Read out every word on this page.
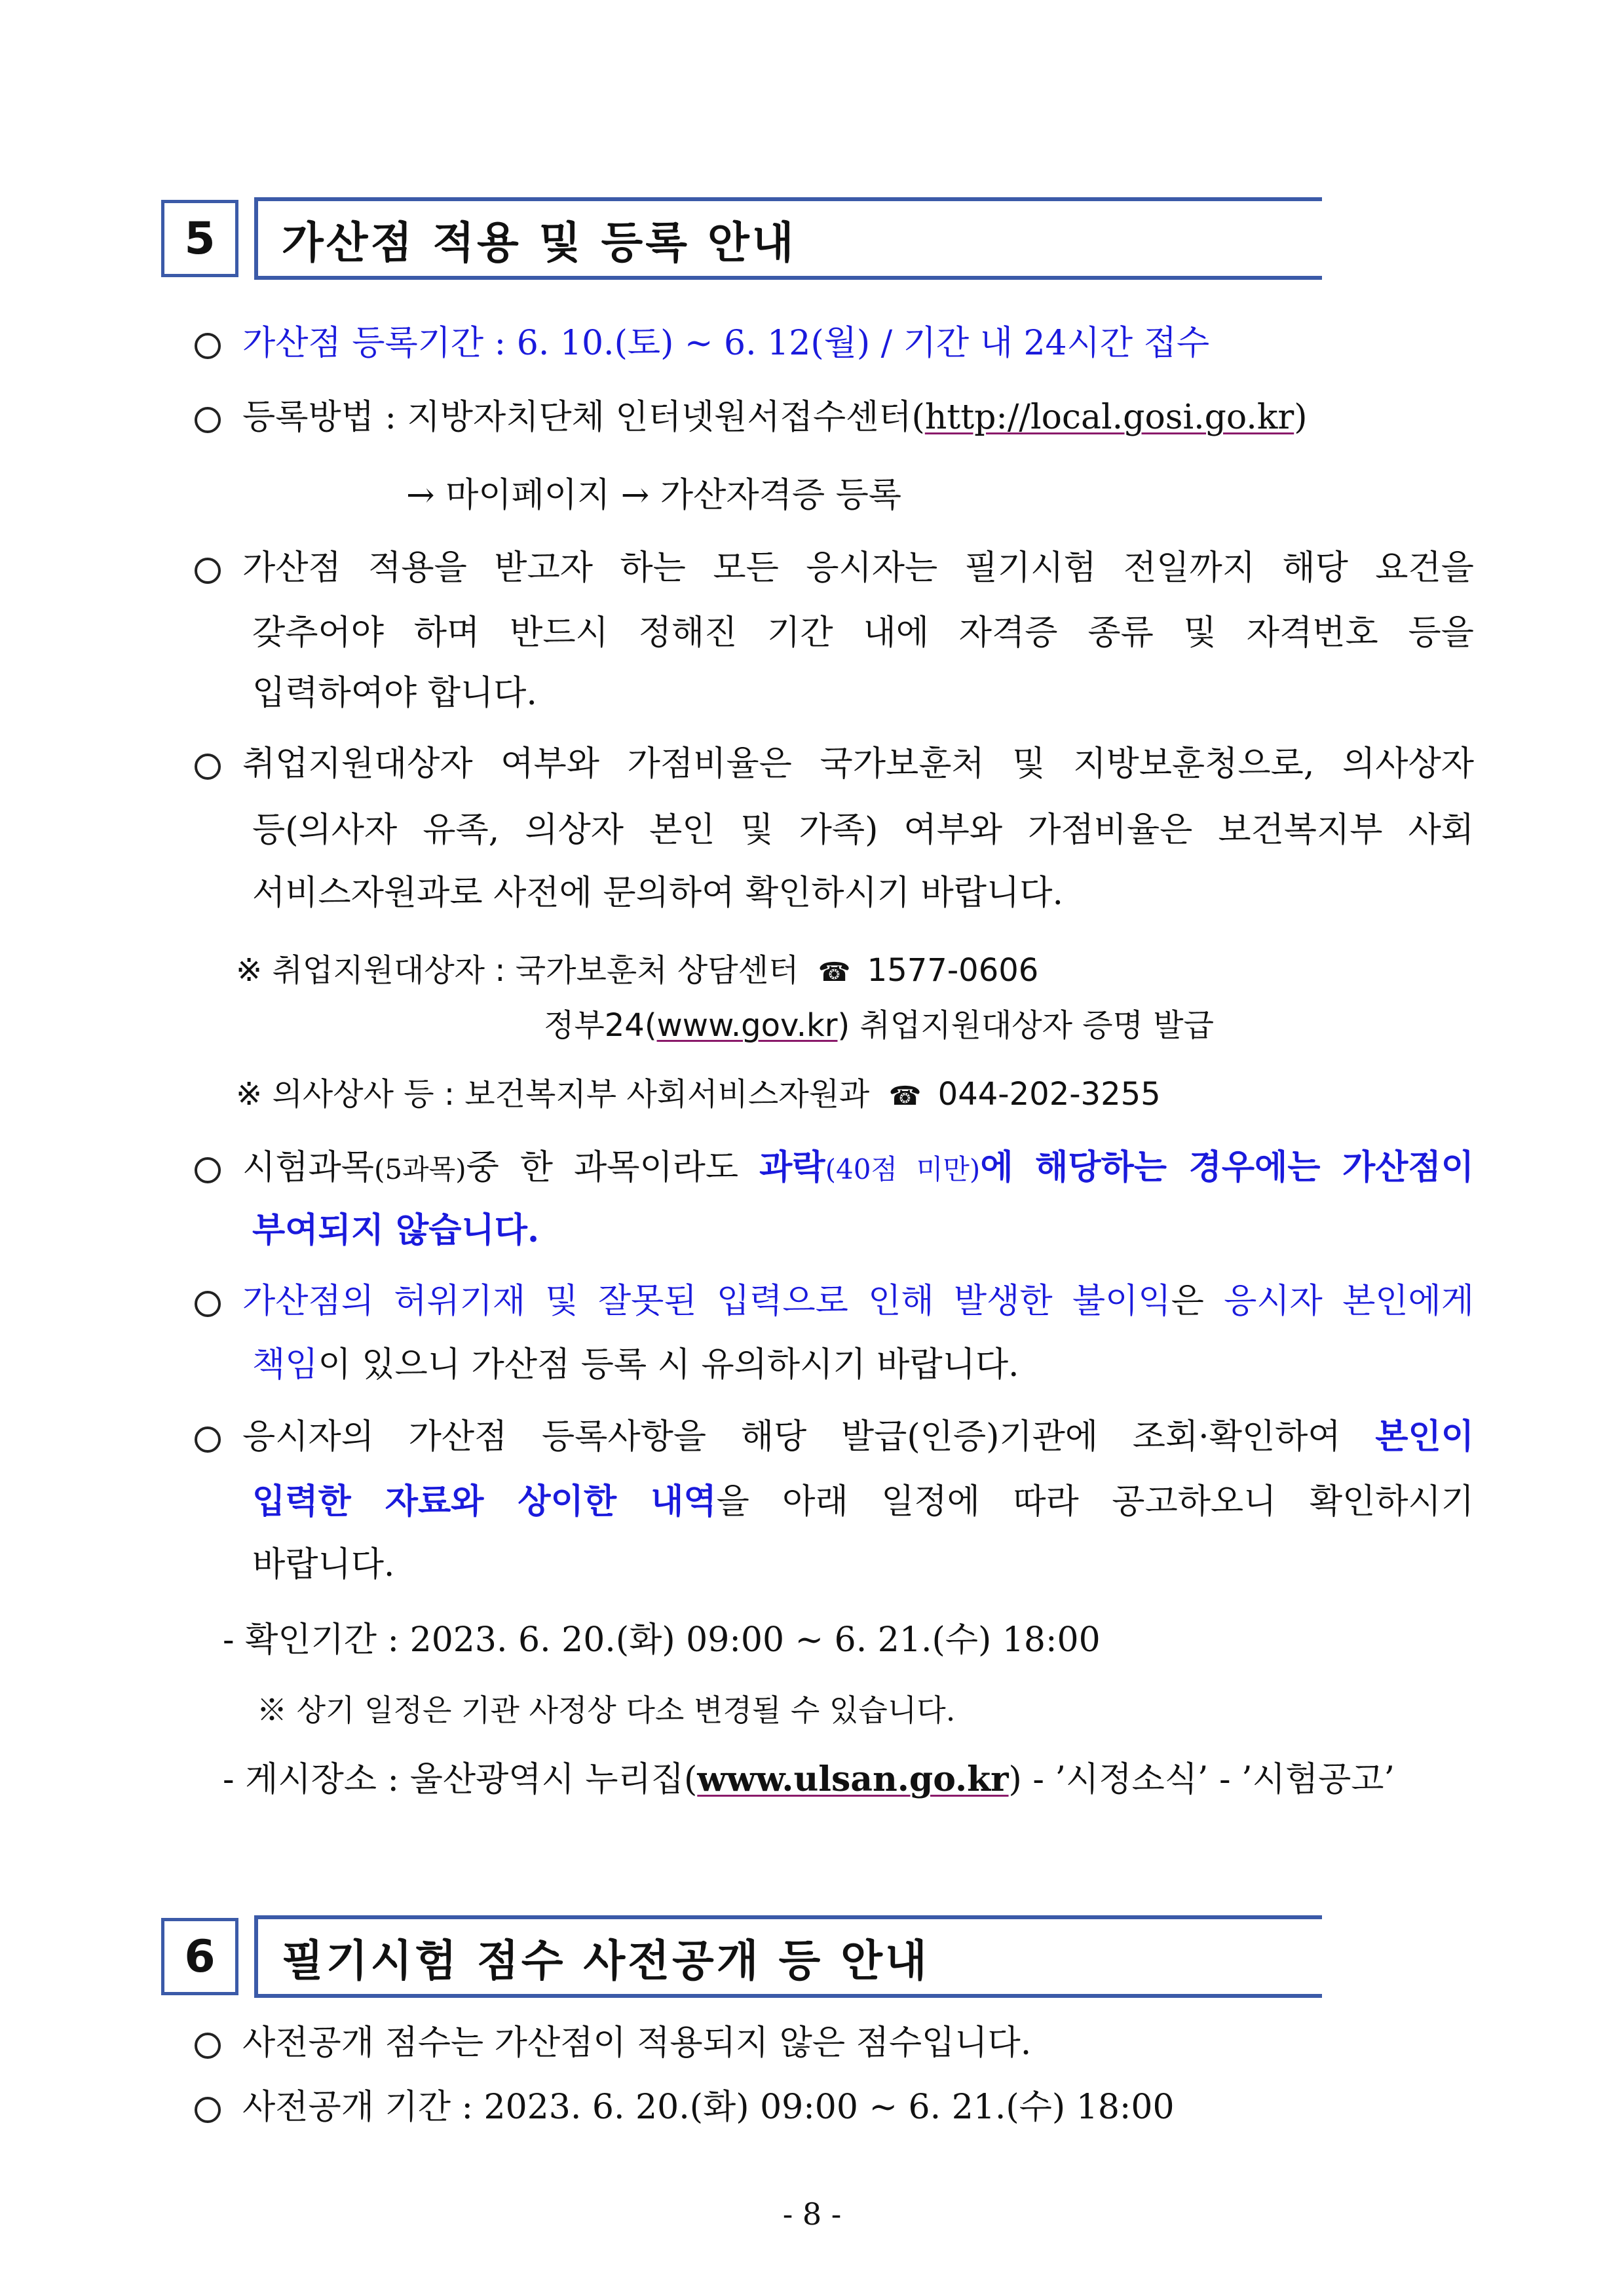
5	가산점 적용 및 등록 안내
가산점 등록기간 : 6. 10.(토) ~ 6. 12(월) / 기간 내 24시간 접수
등록방법 : 지방자치단체 인터넷원서접수센터(http://local.gosi.go.kr)
→ 마이페이지 → 가산자격증 등록
가산점 적용을 받고자 하는 모든 응시자는 필기시험 전일까지 해당 요건을
갖추어야 하며 반드시 정해진 기간 내에 자격증 종류 및 자격번호 등을
입력하여야 합니다.
취업지원대상자 여부와 가점비율은 국가보훈처 및 지방보훈청으로, 의사상자
등(의사자 유족, 의상자 본인 및 가족) 여부와 가점비율은 보건복지부 사회
서비스자원과로 사전에 문의하여 확인하시기 바랍니다.
※ 취업지원대상자 : 국가보훈처 상담센터 ☎ 1577-0606
정부24(www.gov.kr) 취업지원대상자 증명 발급
※ 의사상사 등 : 보건복지부 사회서비스자원과 ☎ 044-202-3255
시험과목(5과목)중 한 과목이라도 과락(40점 미만)에 해당하는 경우에는 가산점이
부여되지 않습니다.
가산점의 허위기재 및 잘못된 입력으로 인해 발생한 불이익은 응시자 본인에게
책임이 있으니 가산점 등록 시 유의하시기 바랍니다.
응시자의 가산점 등록사항을 해당 발급(인증)기관에 조회·확인하여 본인이
입력한 자료와 상이한 내역을 아래 일정에 따라 공고하오니 확인하시기
바랍니다.
- 확인기간 : 2023. 6. 20.(화) 09:00 ~ 6. 21.(수) 18:00
※ 상기 일정은 기관 사정상 다소 변경될 수 있습니다.
- 게시장소 : 울산광역시 누리집(www.ulsan.go.kr) - ’시정소식’ - ’시험공고’
6	필기시험 점수 사전공개 등 안내
사전공개 점수는 가산점이 적용되지 않은 점수입니다.
사전공개 기간 : 2023. 6. 20.(화) 09:00 ~ 6. 21.(수) 18:00
- 8 -
